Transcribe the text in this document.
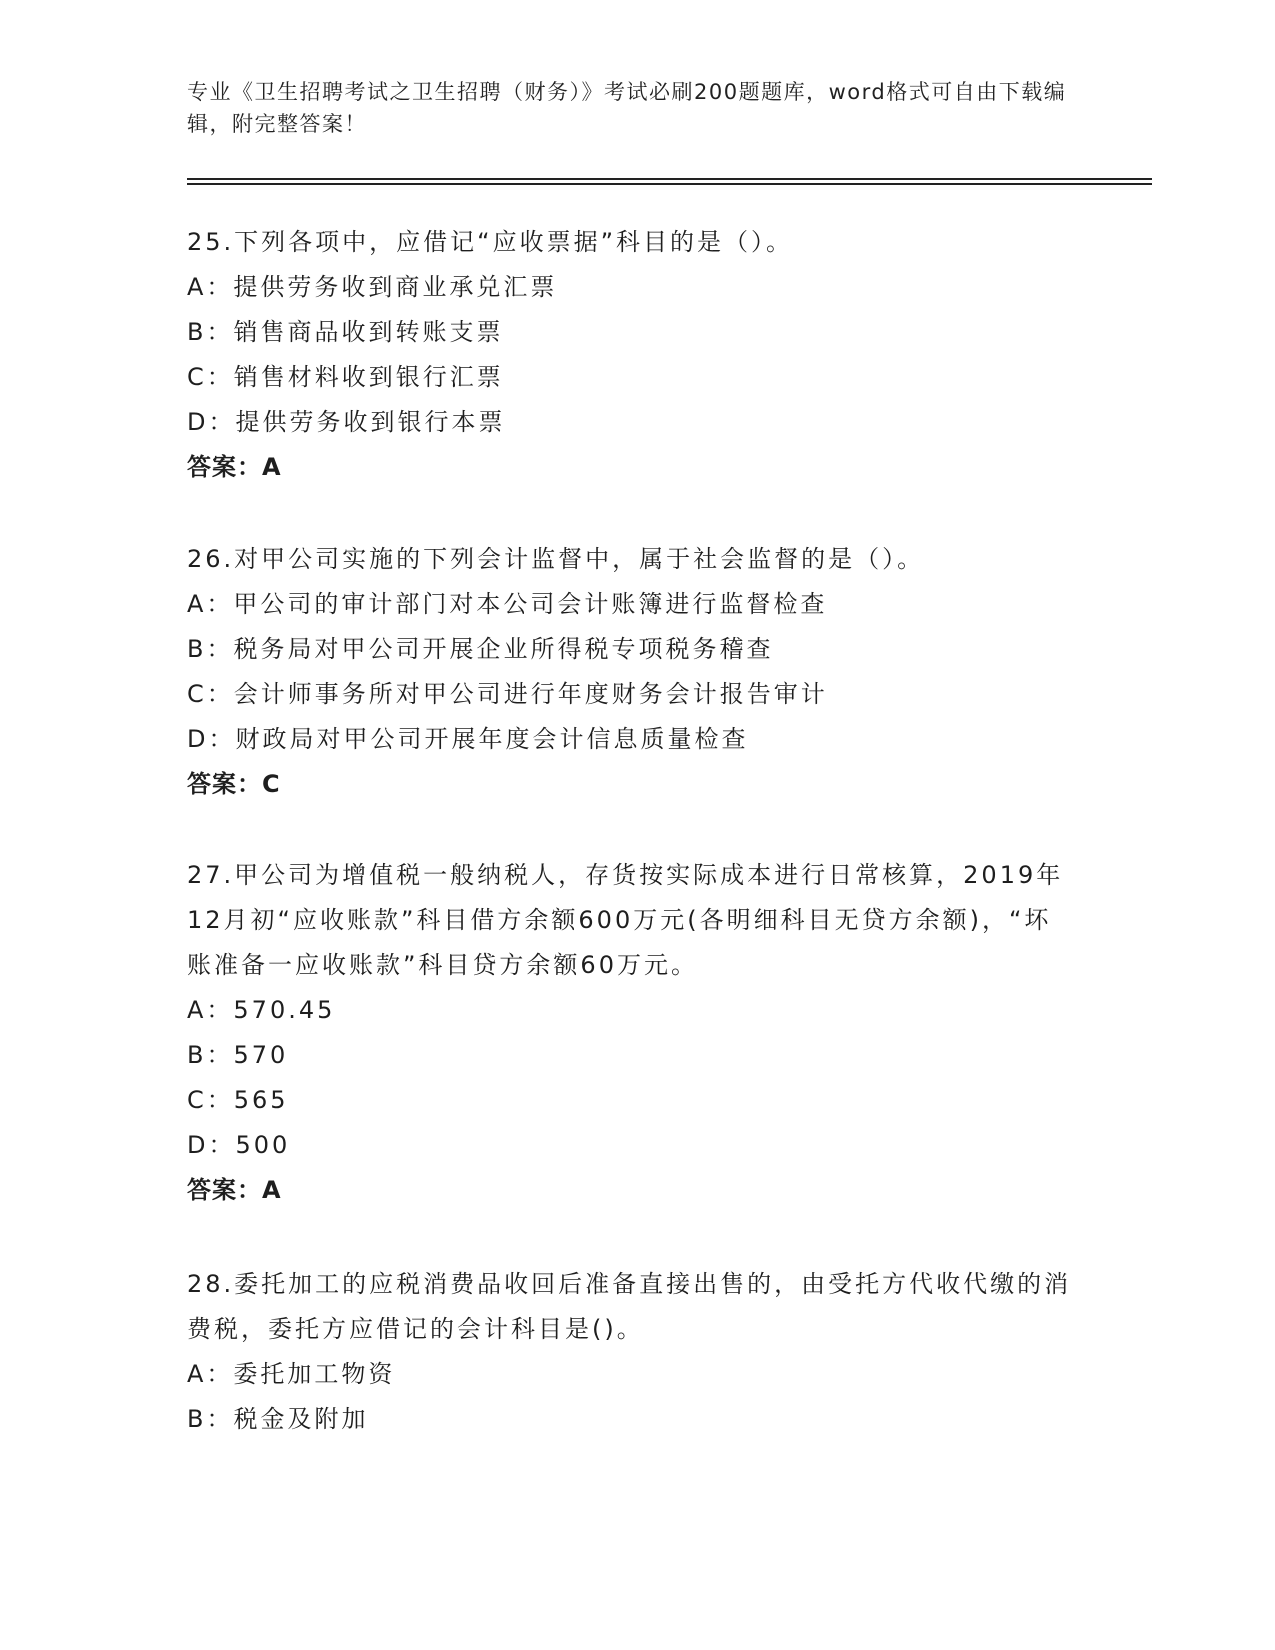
专业《卫生招聘考试之卫生招聘（财务）》考试必刷200题题库，word格式可自由下载编辑，附完整答案！

25.下列各项中，应借记“应收票据”科目的是（）。

A：提供劳务收到商业承兑汇票

B：销售商品收到转账支票

C：销售材料收到银行汇票

D：提供劳务收到银行本票

答案：A

26.对甲公司实施的下列会计监督中，属于社会监督的是（）。

A：甲公司的审计部门对本公司会计账簿进行监督检查

B：税务局对甲公司开展企业所得税专项税务稽查

C：会计师事务所对甲公司进行年度财务会计报告审计

D：财政局对甲公司开展年度会计信息质量检查

答案：C

27.甲公司为增值税一般纳税人，存货按实际成本进行日常核算，2019年12月初“应收账款”科目借方余额600万元(各明细科目无贷方余额)，“坏账准备一应收账款”科目贷方余额60万元。

A：570.45

B：570

C：565

D：500

答案：A

28.委托加工的应税消费品收回后准备直接出售的，由受托方代收代缴的消费税，委托方应借记的会计科目是()。

A：委托加工物资

B：税金及附加
